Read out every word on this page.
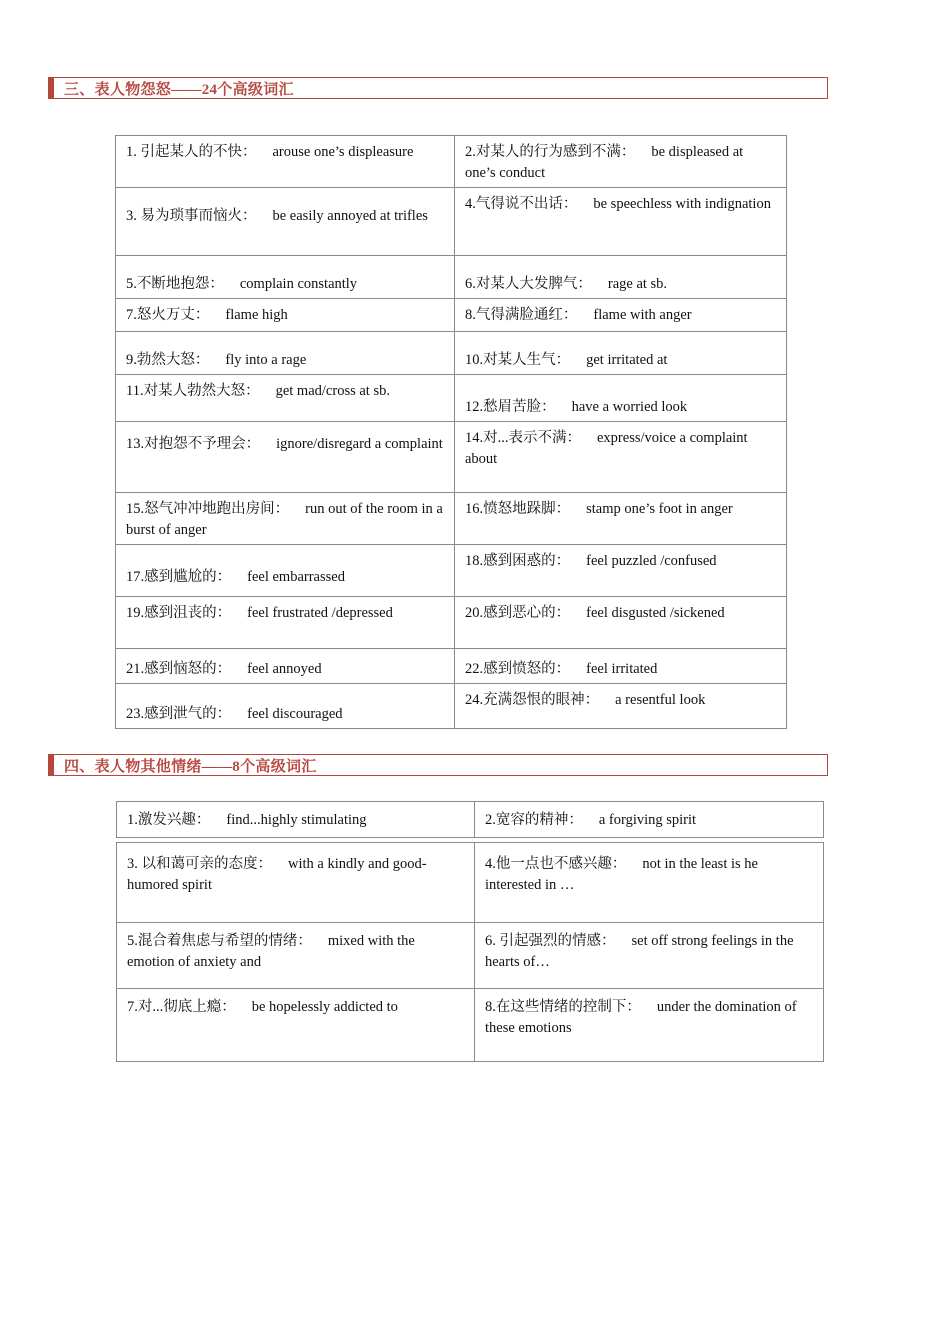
三、表人物怨怒——24个高级词汇
1. 引起某人的不快： arouse one’s displeasure	2.对某人的行为感到不满： be displeased at one’s conduct
3. 易为琐事而恼火： be easily annoyed at trifles	4.气得说不出话： be speechless with indignation
5.不断地抱怨： complain constantly	6.对某人大发脾气： rage at sb.
7.怒火万丈： flame high	8.气得满脸通红： flame with anger
9.勃然大怒： fly into a rage	10.对某人生气： get irritated at
11.对某人勃然大怒： get mad/cross at sb.	12.愁眉苦脸： have a worried look
13.对抱怨不予理会： ignore/disregard a complaint	14.对...表示不满： express/voice a complaint about
15.怒气冲冲地跑出房间： run out of the room in a burst of anger	16.愤怒地跺脚： stamp one’s foot in anger
17.感到尴尬的： feel embarrassed	18.感到困惑的： feel puzzled /confused
19.感到沮丧的： feel frustrated /depressed	20.感到恶心的： feel disgusted /sickened
21.感到恼怒的： feel annoyed	22.感到愤怒的： feel irritated
23.感到泄气的： feel discouraged	24.充满怨恨的眼神： a resentful look
四、表人物其他情绪——8个高级词汇
1.激发兴趣： find...highly stimulating	2.宽容的精神： a forgiving spirit
3. 以和蔼可亲的态度： with a kindly and good-humored spirit	4.他一点也不感兴趣： not in the least is he interested in …
5.混合着焦虑与希望的情绪： mixed with the emotion of anxiety and	6. 引起强烈的情感： set off strong feelings in the hearts of…
7.对...彻底上瘾： be hopelessly addicted to	8.在这些情绪的控制下： under the domination of these emotions
